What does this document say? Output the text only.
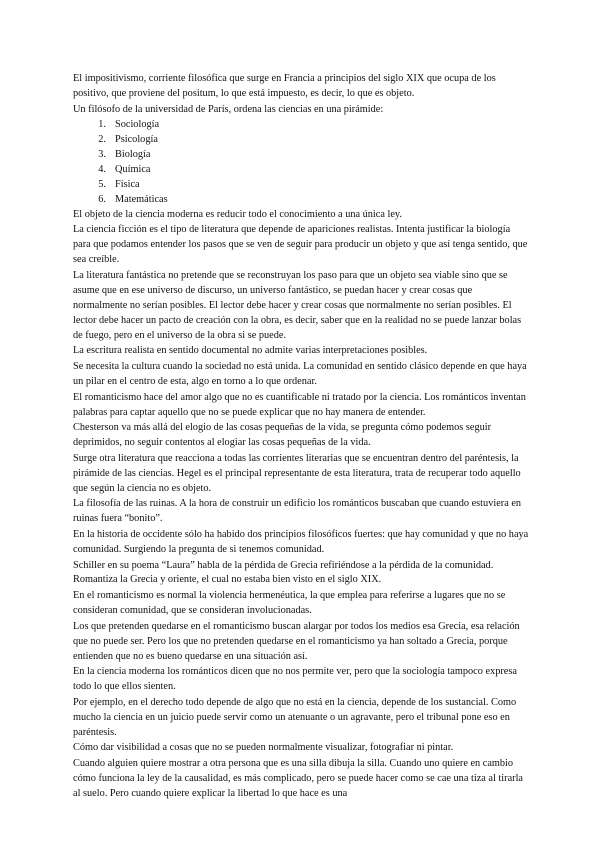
El impositivismo, corriente filosófica que surge en Francia a principios del siglo XIX que ocupa de los positivo, que proviene del positum, lo que está impuesto, es decir, lo que es objeto.

Un filósofo de la universidad de París, ordena las ciencias en una pirámide:

1. Sociología
2. Psicología
3. Biología
4. Química
5. Física
6. Matemáticas

El objeto de la ciencia moderna es reducir todo el conocimiento a una única ley.

La ciencia ficción es el tipo de literatura que depende de apariciones realistas. Intenta justificar la biología para que podamos entender los pasos que se ven de seguir para producir un objeto y que así tenga sentido, que sea creíble.

La literatura fantástica no pretende que se reconstruyan los paso para que un objeto sea viable sino que se asume que en ese universo de discurso, un universo fantástico, se puedan hacer y crear cosas que normalmente no serían posibles. El lector debe hacer y crear cosas que normalmente no serían posibles. El lector debe hacer un pacto de creación con la obra, es decir, saber que en la realidad no se puede lanzar bolas de fuego, pero en el universo de la obra si se puede.

La escritura realista en sentido documental no admite varias interpretaciones posibles.

Se necesita la cultura cuando la sociedad no está unida. La comunidad en sentido clásico depende en que haya un pilar en el centro de esta, algo en torno a lo que ordenar.

El romanticismo hace del amor algo que no es cuantificable ni tratado por la ciencia. Los románticos inventan palabras para captar aquello que no se puede explicar que no hay manera de entender.

Chesterson va más allá del elogio de las cosas pequeñas de la vida, se pregunta cómo podemos seguir deprimidos, no seguir contentos al elogiar las cosas pequeñas de la vida.

Surge otra literatura que reacciona a todas las corrientes literarias que se encuentran dentro del paréntesis, la pirámide de las ciencias. Hegel es el principal representante de esta literatura, trata de recuperar todo aquello que según la ciencia no es objeto.

La filosofía de las ruinas. A la hora de construir un edificio los románticos buscaban que cuando estuviera en ruinas fuera “bonito”.

En la historia de occidente sólo ha habido dos principios filosóficos fuertes: que hay comunidad y que no haya comunidad. Surgiendo la pregunta de si tenemos comunidad.

Schiller en su poema “Laura” habla de la pérdida de Grecia refiriéndose a la pérdida de la comunidad. Romantiza la Grecia y oriente, el cual no estaba bien visto en el siglo XIX.

En el romanticismo es normal la violencia hermenéutica, la que emplea para referirse a lugares que no se consideran comunidad, que se consideran involucionadas.

Los que pretenden quedarse en el romanticismo buscan alargar por todos los medios esa Grecia, esa relación que no puede ser. Pero los que no pretenden quedarse en el romanticismo ya han soltado a Grecia, porque entienden que no es bueno quedarse en una situación así.

En la ciencia moderna los románticos dicen que no nos permite ver, pero que la sociología tampoco expresa todo lo que ellos sienten.

Por ejemplo, en el derecho todo depende de algo que no está en la ciencia, depende de los sustancial. Como mucho la ciencia en un juicio puede servir como un atenuante o un agravante, pero el tribunal pone eso en paréntesis.

Cómo dar visibilidad a cosas que no se pueden normalmente visualizar, fotografiar ni pintar.

Cuando alguien quiere mostrar a otra persona que es una silla dibuja la silla. Cuando uno quiere en cambio cómo funciona la ley de la causalidad, es más complicado, pero se puede hacer como se cae una tiza al tirarla al suelo. Pero cuando quiere explicar la libertad lo que hace es una
